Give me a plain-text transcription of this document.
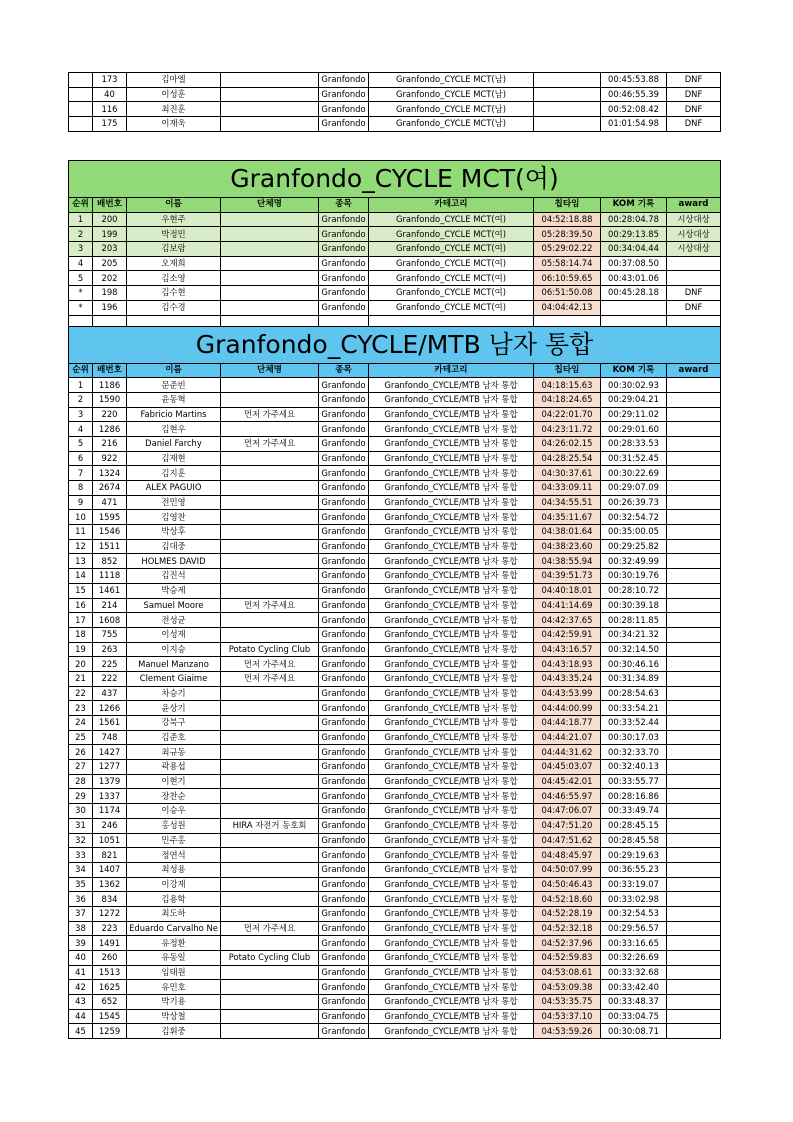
	173	김마엘		Granfondo	Granfondo_CYCLE MCT(남)		00:45:53.88	DNF
	40	이성훈		Granfondo	Granfondo_CYCLE MCT(남)		00:46:55.39	DNF
	116	최진훈		Granfondo	Granfondo_CYCLE MCT(남)		00:52:08.42	DNF
	175	이재욱		Granfondo	Granfondo_CYCLE MCT(남)		01:01:54.98	DNF
Granfondo_CYCLE MCT(여)								
순위	배번호	이름	단체명	종목	카테고리	칩타임	KOM 기록	award
1	200	우현주		Granfondo	Granfondo_CYCLE MCT(여)	04:52:18.88	00:28:04.78	시상대상
2	199	박정민		Granfondo	Granfondo_CYCLE MCT(여)	05:28:39.50	00:29:13.85	시상대상
3	203	김보람		Granfondo	Granfondo_CYCLE MCT(여)	05:29:02.22	00:34:04.44	시상대상
4	205	오재희		Granfondo	Granfondo_CYCLE MCT(여)	05:58:14.74	00:37:08.50	
5	202	김소영		Granfondo	Granfondo_CYCLE MCT(여)	06:10:59.65	00:43:01.06	
*	198	김수현		Granfondo	Granfondo_CYCLE MCT(여)	06:51:50.08	00:45:28.18	DNF
*	196	김수경		Granfondo	Granfondo_CYCLE MCT(여)	04:04:42.13		DNF

Granfondo_CYCLE/MTB 남자 통합								
순위	배번호	이름	단체명	종목	카테고리	칩타임	KOM 기록	award
1	1186	문준빈		Granfondo	Granfondo_CYCLE/MTB 남자 통합	04:18:15.63	00:30:02.93	
2	1590	윤동혁		Granfondo	Granfondo_CYCLE/MTB 남자 통합	04:18:24.65	00:29:04.21	
3	220	Fabricio Martins	먼저 가주세요	Granfondo	Granfondo_CYCLE/MTB 남자 통합	04:22:01.70	00:29:11.02	
4	1286	김현우		Granfondo	Granfondo_CYCLE/MTB 남자 통합	04:23:11.72	00:29:01.60	
5	216	Daniel Farchy	먼저 가주세요	Granfondo	Granfondo_CYCLE/MTB 남자 통합	04:26:02.15	00:28:33.53	
6	922	김재현		Granfondo	Granfondo_CYCLE/MTB 남자 통합	04:28:25.54	00:31:52.45	
7	1324	김지훈		Granfondo	Granfondo_CYCLE/MTB 남자 통합	04:30:37.61	00:30:22.69	
8	2674	ALEX PAGUIO		Granfondo	Granfondo_CYCLE/MTB 남자 통합	04:33:09.11	00:29:07.09	
9	471	전민영		Granfondo	Granfondo_CYCLE/MTB 남자 통합	04:34:55.51	00:26:39.73	
10	1595	김영찬		Granfondo	Granfondo_CYCLE/MTB 남자 통합	04:35:11.67	00:32:54.72	
11	1546	박상후		Granfondo	Granfondo_CYCLE/MTB 남자 통합	04:38:01.64	00:35:00.05	
12	1511	김대중		Granfondo	Granfondo_CYCLE/MTB 남자 통합	04:38:23.60	00:29:25.82	
13	852	HOLMES DAVID		Granfondo	Granfondo_CYCLE/MTB 남자 통합	04:38:55.94	00:32:49.99	
14	1118	김진석		Granfondo	Granfondo_CYCLE/MTB 남자 통합	04:39:51.73	00:30:19.76	
15	1461	박승제		Granfondo	Granfondo_CYCLE/MTB 남자 통합	04:40:18.01	00:28:10.72	
16	214	Samuel Moore	먼저 가주세요	Granfondo	Granfondo_CYCLE/MTB 남자 통합	04:41:14.69	00:30:39.18	
17	1608	전성균		Granfondo	Granfondo_CYCLE/MTB 남자 통합	04:42:37.65	00:28:11.85	
18	755	이성재		Granfondo	Granfondo_CYCLE/MTB 남자 통합	04:42:59.91	00:34:21.32	
19	263	이지승	Potato Cycling Club	Granfondo	Granfondo_CYCLE/MTB 남자 통합	04:43:16.57	00:32:14.50	
20	225	Manuel Manzano	먼저 가주세요	Granfondo	Granfondo_CYCLE/MTB 남자 통합	04:43:18.93	00:30:46.16	
21	222	Clement Giaime	먼저 가주세요	Granfondo	Granfondo_CYCLE/MTB 남자 통합	04:43:35.24	00:31:34.89	
22	437	차승기		Granfondo	Granfondo_CYCLE/MTB 남자 통합	04:43:53.99	00:28:54.63	
23	1266	윤상기		Granfondo	Granfondo_CYCLE/MTB 남자 통합	04:44:00.99	00:33:54.21	
24	1561	강북구		Granfondo	Granfondo_CYCLE/MTB 남자 통합	04:44:18.77	00:33:52.44	
25	748	김준호		Granfondo	Granfondo_CYCLE/MTB 남자 통합	04:44:21.07	00:30:17.03	
26	1427	최규동		Granfondo	Granfondo_CYCLE/MTB 남자 통합	04:44:31.62	00:32:33.70	
27	1277	곽용섭		Granfondo	Granfondo_CYCLE/MTB 남자 통합	04:45:03.07	00:32:40.13	
28	1379	이현기		Granfondo	Granfondo_CYCLE/MTB 남자 통합	04:45:42.01	00:33:55.77	
29	1337	장찬순		Granfondo	Granfondo_CYCLE/MTB 남자 통합	04:46:55.97	00:28:16.86	
30	1174	이승우		Granfondo	Granfondo_CYCLE/MTB 남자 통합	04:47:06.07	00:33:49.74	
31	246	홍성원	HIRA 자전거 동호회	Granfondo	Granfondo_CYCLE/MTB 남자 통합	04:47:51.20	00:28:45.15	
32	1051	민주홍		Granfondo	Granfondo_CYCLE/MTB 남자 통합	04:47:51.62	00:28:45.58	
33	821	정연석		Granfondo	Granfondo_CYCLE/MTB 남자 통합	04:48:45.97	00:29:19.63	
34	1407	최성용		Granfondo	Granfondo_CYCLE/MTB 남자 통합	04:50:07.99	00:36:55.23	
35	1362	이강재		Granfondo	Granfondo_CYCLE/MTB 남자 통합	04:50:46.43	00:33:19.07	
36	834	김용학		Granfondo	Granfondo_CYCLE/MTB 남자 통합	04:52:18.60	00:33:02.98	
37	1272	최도하		Granfondo	Granfondo_CYCLE/MTB 남자 통합	04:52:28.19	00:32:54.53	
38	223	Eduardo Carvalho Ne	먼저 가주세요	Granfondo	Granfondo_CYCLE/MTB 남자 통합	04:52:32.18	00:29:56.57	
39	1491	유정환		Granfondo	Granfondo_CYCLE/MTB 남자 통합	04:52:37.96	00:33:16.65	
40	260	유동일	Potato Cycling Club	Granfondo	Granfondo_CYCLE/MTB 남자 통합	04:52:59.83	00:32:26.69	
41	1513	임태원		Granfondo	Granfondo_CYCLE/MTB 남자 통합	04:53:08.61	00:33:32.68	
42	1625	유민호		Granfondo	Granfondo_CYCLE/MTB 남자 통합	04:53:09.38	00:33:42.40	
43	652	박기용		Granfondo	Granfondo_CYCLE/MTB 남자 통합	04:53:35.75	00:33:48.37	
44	1545	박상철		Granfondo	Granfondo_CYCLE/MTB 남자 통합	04:53:37.10	00:33:04.75	
45	1259	김휘중		Granfondo	Granfondo_CYCLE/MTB 남자 통합	04:53:59.26	00:30:08.71	
